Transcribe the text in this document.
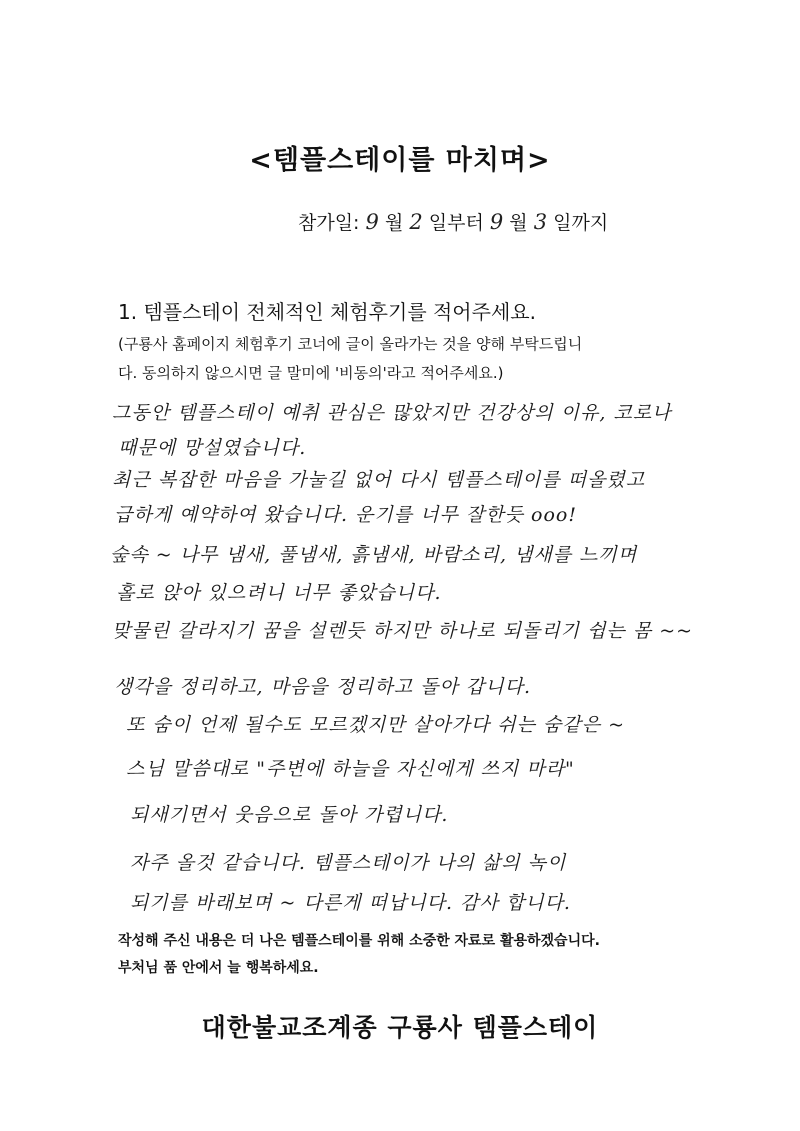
<템플스테이를 마치며>
참가일: 9 월 2 일부터 9 월 3 일까지
1. 템플스테이 전체적인 체험후기를 적어주세요.
(구룡사 홈페이지 체험후기 코너에 글이 올라가는 것을 양해 부탁드립니
다. 동의하지 않으시면 글 말미에 '비동의'라고 적어주세요.)
그동안 템플스테이 예취 관심은 많았지만 건강상의 이유, 코로나
때문에 망설였습니다.
최근 복잡한 마음을 가눌길 없어 다시 템플스테이를 떠올렸고
급하게 예약하여 왔습니다. 운기를 너무 잘한듯 ooo!
숲속 ~ 나무 냄새, 풀냄새, 흙냄새, 바람소리, 냄새를 느끼며
홀로 앉아 있으려니 너무 좋았습니다.
맞물린 갈라지기 꿈을 설렌듯 하지만 하나로 되돌리기 쉽는 몸 ~~
생각을 정리하고, 마음을 정리하고 돌아 갑니다.
또 숨이 언제 될수도 모르겠지만 살아가다 쉬는 숨같은 ~
스님 말씀대로 "주변에 하늘을 자신에게 쓰지 마라"
되새기면서 웃음으로 돌아 가렵니다.
자주 올것 같습니다. 템플스테이가 나의 삶의 녹이
되기를 바래보며 ~ 다른게 떠납니다. 감사 합니다.
작성해 주신 내용은 더 나은 템플스테이를 위해 소중한 자료로 활용하겠습니다.
부처님 품 안에서 늘 행복하세요.
대한불교조계종 구룡사 템플스테이
